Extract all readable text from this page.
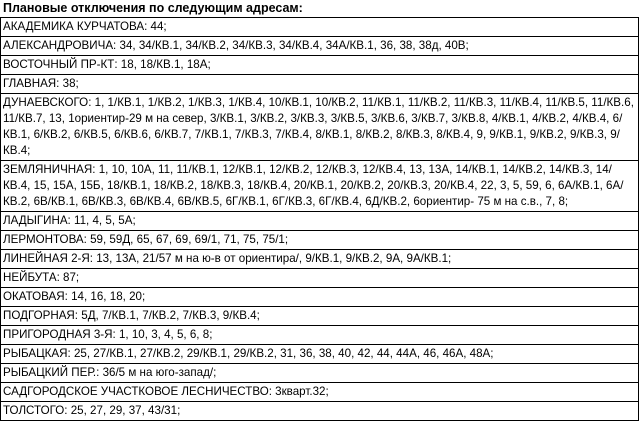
Плановые отключения по следующим адресам:
АКАДЕМИКА КУРЧАТОВА: 44;
АЛЕКСАНДРОВИЧА: 34, 34/КВ.1, 34/КВ.2, 34/КВ.3, 34/КВ.4, 34А/КВ.1, 36, 38, 38д, 40В;
ВОСТОЧНЫЙ ПР-КТ: 18, 18/КВ.1, 18А;
ГЛАВНАЯ: 38;
ДУНАЕВСКОГО: 1, 1/КВ.1, 1/КВ.2, 1/КВ.3, 1/КВ.4, 10/КВ.1, 10/КВ.2, 11/КВ.1, 11/КВ.2, 11/КВ.3, 11/КВ.4, 11/КВ.5, 11/КВ.6, 11/КВ.7, 13, 1ориентир-29 м на север, 3/КВ.1, 3/КВ.2, 3/КВ.3, 3/КВ.5, 3/КВ.6, 3/КВ.7, 3/КВ.8, 4/КВ.1, 4/КВ.2, 4/КВ.4, 6/КВ.1, 6/КВ.2, 6/КВ.5, 6/КВ.6, 6/КВ.7, 7/КВ.1, 7/КВ.3, 7/КВ.4, 8/КВ.1, 8/КВ.2, 8/КВ.3, 8/КВ.4, 9, 9/КВ.1, 9/КВ.2, 9/КВ.3, 9/КВ.4;
ЗЕМЛЯНИЧНАЯ: 1, 10, 10А, 11, 11/КВ.1, 12/КВ.1, 12/КВ.2, 12/КВ.3, 12/КВ.4, 13, 13А, 14/КВ.1, 14/КВ.2, 14/КВ.3, 14/КВ.4, 15, 15А, 15Б, 18/КВ.1, 18/КВ.2, 18/КВ.3, 18/КВ.4, 20/КВ.1, 20/КВ.2, 20/КВ.3, 20/КВ.4, 22, 3, 5, 59, 6, 6А/КВ.1, 6А/КВ.2, 6В/КВ.1, 6В/КВ.3, 6В/КВ.4, 6В/КВ.5, 6Г/КВ.1, 6Г/КВ.3, 6Г/КВ.4, 6Д/КВ.2, 6ориентир- 75 м на с.в., 7, 8;
ЛАДЫГИНА: 11, 4, 5, 5А;
ЛЕРМОНТОВА: 59, 59Д, 65, 67, 69, 69/1, 71, 75, 75/1;
ЛИНЕЙНАЯ 2-Я: 13, 13А, 21/57 м на ю-в от ориентира/, 9/КВ.1, 9/КВ.2, 9А, 9А/КВ.1;
НЕЙБУТА: 87;
ОКАТОВАЯ: 14, 16, 18, 20;
ПОДГОРНАЯ: 5Д, 7/КВ.1, 7/КВ.2, 7/КВ.3, 9/КВ.4;
ПРИГОРОДНАЯ 3-Я: 1, 10, 3, 4, 5, 6, 8;
РЫБАЦКАЯ: 25, 27/КВ.1, 27/КВ.2, 29/КВ.1, 29/КВ.2, 31, 36, 38, 40, 42, 44, 44А, 46, 46А, 48А;
РЫБАЦКИЙ ПЕР.: 36/5 м на юго-запад/;
САДГОРОДСКОЕ УЧАСТКОВОЕ ЛЕСНИЧЕСТВО: 3кварт.32;
ТОЛСТОГО: 25, 27, 29, 37, 43/31;
